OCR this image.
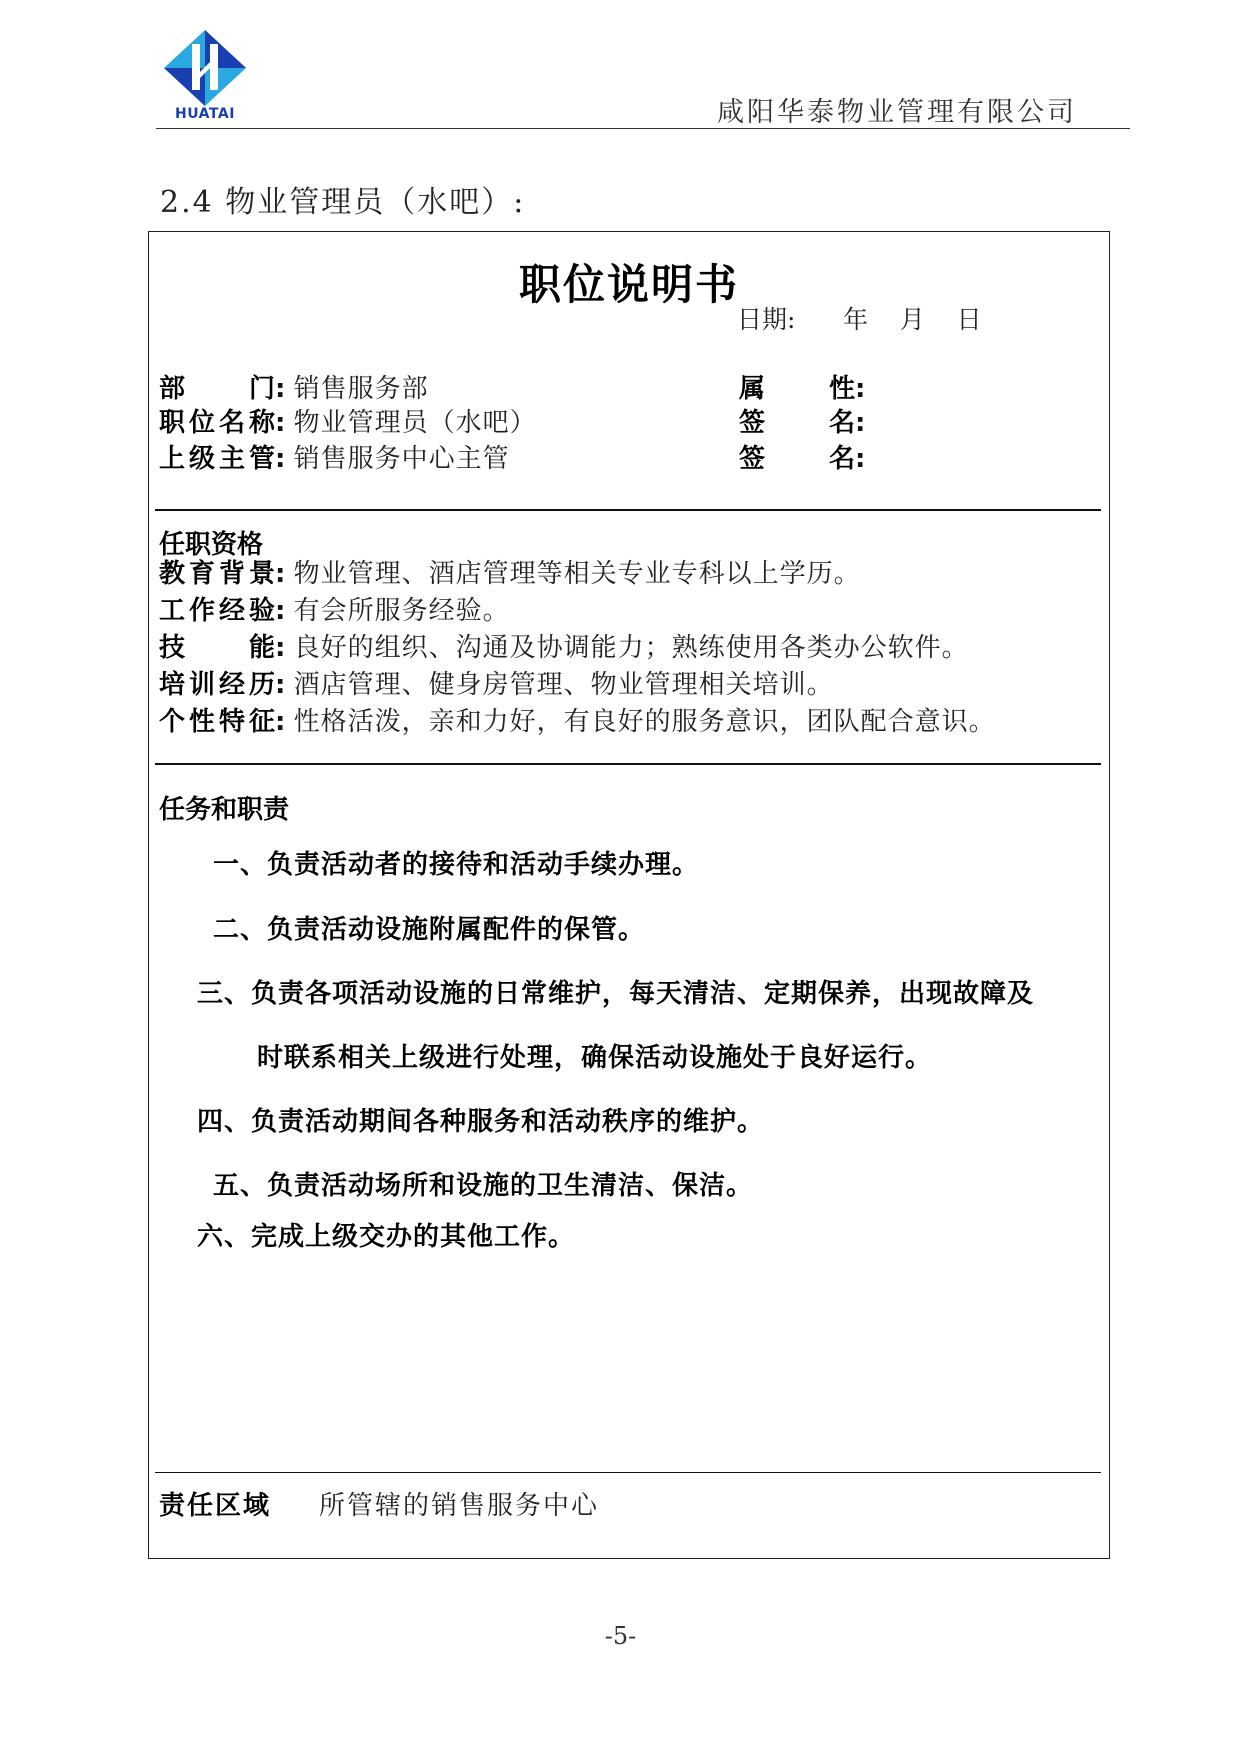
HUATAI	咸阳华泰物业管理有限公司
2.4 物业管理员（水吧）:
职位说明书
日期:      年    月    日
部门: 销售服务部
职位名称: 物业管理员（水吧）
上级主管: 销售服务中心主管
属性:
签名:
签名:
任职资格
教育背景: 物业管理、酒店管理等相关专业专科以上学历。
工作经验: 有会所服务经验。
技能: 良好的组织、沟通及协调能力；熟练使用各类办公软件。
培训经历: 酒店管理、健身房管理、物业管理相关培训。
个性特征: 性格活泼，亲和力好，有良好的服务意识，团队配合意识。
任务和职责
一、负责活动者的接待和活动手续办理。
二、负责活动设施附属配件的保管。
三、负责各项活动设施的日常维护，每天清洁、定期保养，出现故障及
时联系相关上级进行处理，确保活动设施处于良好运行。
四、负责活动期间各种服务和活动秩序的维护。
五、负责活动场所和设施的卫生清洁、保洁。
六、完成上级交办的其他工作。
责任区域 所管辖的销售服务中心
-5-
